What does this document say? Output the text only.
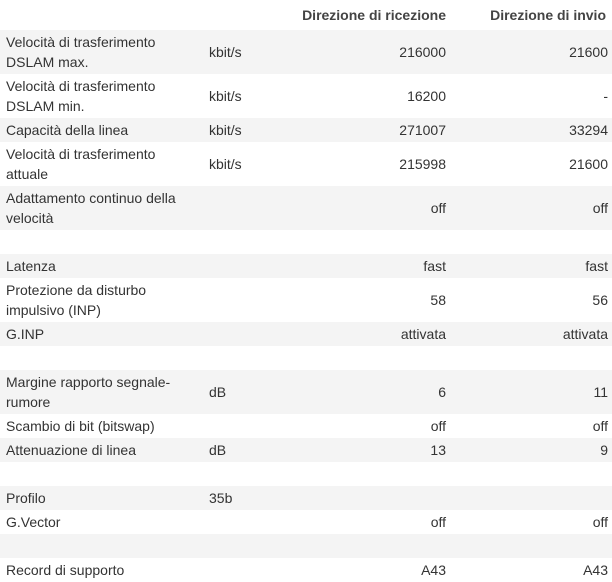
		Direzione di ricezione	Direzione di invio
Velocità di trasferimento DSLAM max.	kbit/s	216000	21600
Velocità di trasferimento DSLAM min.	kbit/s	16200	-
Capacità della linea	kbit/s	271007	33294
Velocità di trasferimento attuale	kbit/s	215998	21600
Adattamento continuo della velocità		off	off

Latenza		fast	fast
Protezione da disturbo impulsivo (INP)		58	56
G.INP		attivata	attivata

Margine rapporto segnale-rumore	dB	6	11
Scambio di bit (bitswap)		off	off
Attenuazione di linea	dB	13	9

Profilo	35b		
G.Vector		off	off

Record di supporto		A43	A43
